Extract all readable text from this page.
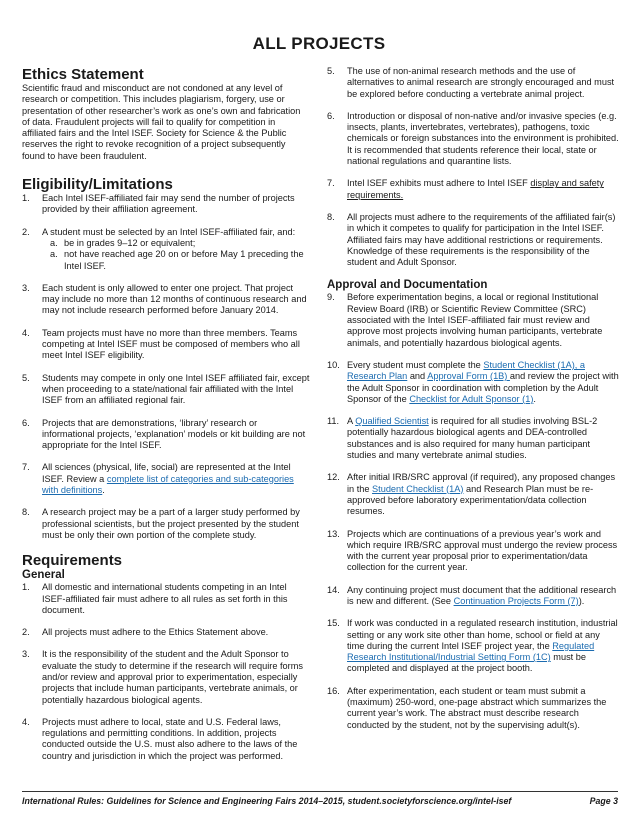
ALL PROJECTS
Ethics Statement

Scientific fraud and misconduct are not condoned at any level of research or competition. This includes plagiarism, forgery, use or presentation of other researcher’s work as one’s own and fabrication of data. Fraudulent projects will fail to qualify for competition in affiliated fairs and the Intel ISEF. Society for Science & the Public reserves the right to revoke recognition of a project subsequently found to have been fraudulent.

Eligibility/Limitations
1.	Each Intel ISEF-affiliated fair may send the number of projects provided by their affiliation agreement.
2.	A student must be selected by an Intel ISEF-affiliated fair, and:
a. be in grades 9–12 or equivalent;
a. not have reached age 20 on or before May 1 preceding the Intel ISEF.
3.	Each student is only allowed to enter one project. That project may include no more than 12 months of continuous research and may not include research performed before January 2014.
4.	Team projects must have no more than three members. Teams competing at Intel ISEF must be composed of members who all meet Intel ISEF eligibility.
5.	Students may compete in only one Intel ISEF affiliated fair, except when proceeding to a state/national fair affiliated with the Intel ISEF from an affiliated regional fair.
6.	Projects that are demonstrations, ‘library’ research or informational projects, ‘explanation’ models or kit building are not appropriate for the Intel ISEF.
7.	All sciences (physical, life, social) are represented at the Intel ISEF. Review a complete list of categories and sub-categories with definitions.
8.	A research project may be a part of a larger study performed by professional scientists, but the project presented by the student must be only their own portion of the complete study.
Requirements
General
1.	All domestic and international students competing in an Intel ISEF-affiliated fair must adhere to all rules as set forth in this document.
2.	All projects must adhere to the Ethics Statement above.
3.	It is the responsibility of the student and the Adult Sponsor to evaluate the study to determine if the research will require forms and/or review and approval prior to experimentation, especially projects that include human participants, vertebrate animals, or potentially hazardous biological agents.
4.	Projects must adhere to local, state and U.S. Federal laws, regulations and permitting conditions. In addition, projects conducted outside the U.S. must also adhere to the laws of the country and jurisdiction in which the project was performed.
5.	The use of non-animal research methods and the use of alternatives to animal research are strongly encouraged and must be explored before conducting a vertebrate animal project.
6.	Introduction or disposal of non-native and/or invasive species (e.g. insects, plants, invertebrates, vertebrates), pathogens, toxic chemicals or foreign substances into the environment is prohibited. It is recommended that students reference their local, state or national regulations and quarantine lists.
7.	Intel ISEF exhibits must adhere to Intel ISEF display and safety requirements.
8.	All projects must adhere to the requirements of the affiliated fair(s) in which it competes to qualify for participation in the Intel ISEF. Affiliated fairs may have additional restrictions or requirements. Knowledge of these requirements is the responsibility of the student and Adult Sponsor.
Approval and Documentation
9.	Before experimentation begins, a local or regional Institutional Review Board (IRB) or Scientific Review Committee (SRC) associated with the Intel ISEF-affiliated fair must review and approve most projects involving human participants, vertebrate animals, and potentially hazardous biological agents.
10. Every student must complete the Student Checklist (1A), a Research Plan and Approval Form (1B) and review the project with the Adult Sponsor in coordination with completion by the Adult Sponsor of the Checklist for Adult Sponsor (1).
11. A Qualified Scientist is required for all studies involving BSL-2 potentially hazardous biological agents and DEA-controlled substances and is also required for many human participant studies and many vertebrate animal studies.
12. After initial IRB/SRC approval (if required), any proposed changes in the Student Checklist (1A) and Research Plan must be re-approved before laboratory experimentation/data collection resumes.
13. Projects which are continuations of a previous year’s work and which require IRB/SRC approval must undergo the review process with the current year proposal prior to experimentation/data collection for the current year.
14. Any continuing project must document that the additional research is new and different. (See Continuation Projects Form (7)).
15. If work was conducted in a regulated research institution, industrial setting or any work site other than home, school or field at any time during the current Intel ISEF project year, the Regulated Research Institutional/Industrial Setting Form (1C) must be completed and displayed at the project booth.
16. After experimentation, each student or team must submit a (maximum) 250-word, one-page abstract which summarizes the current year’s work. The abstract must describe research conducted by the student, not by the supervising adult(s).
International Rules: Guidelines for Science and Engineering Fairs 2014–2015, student.societyforscience.org/intel-isef	Page 3
